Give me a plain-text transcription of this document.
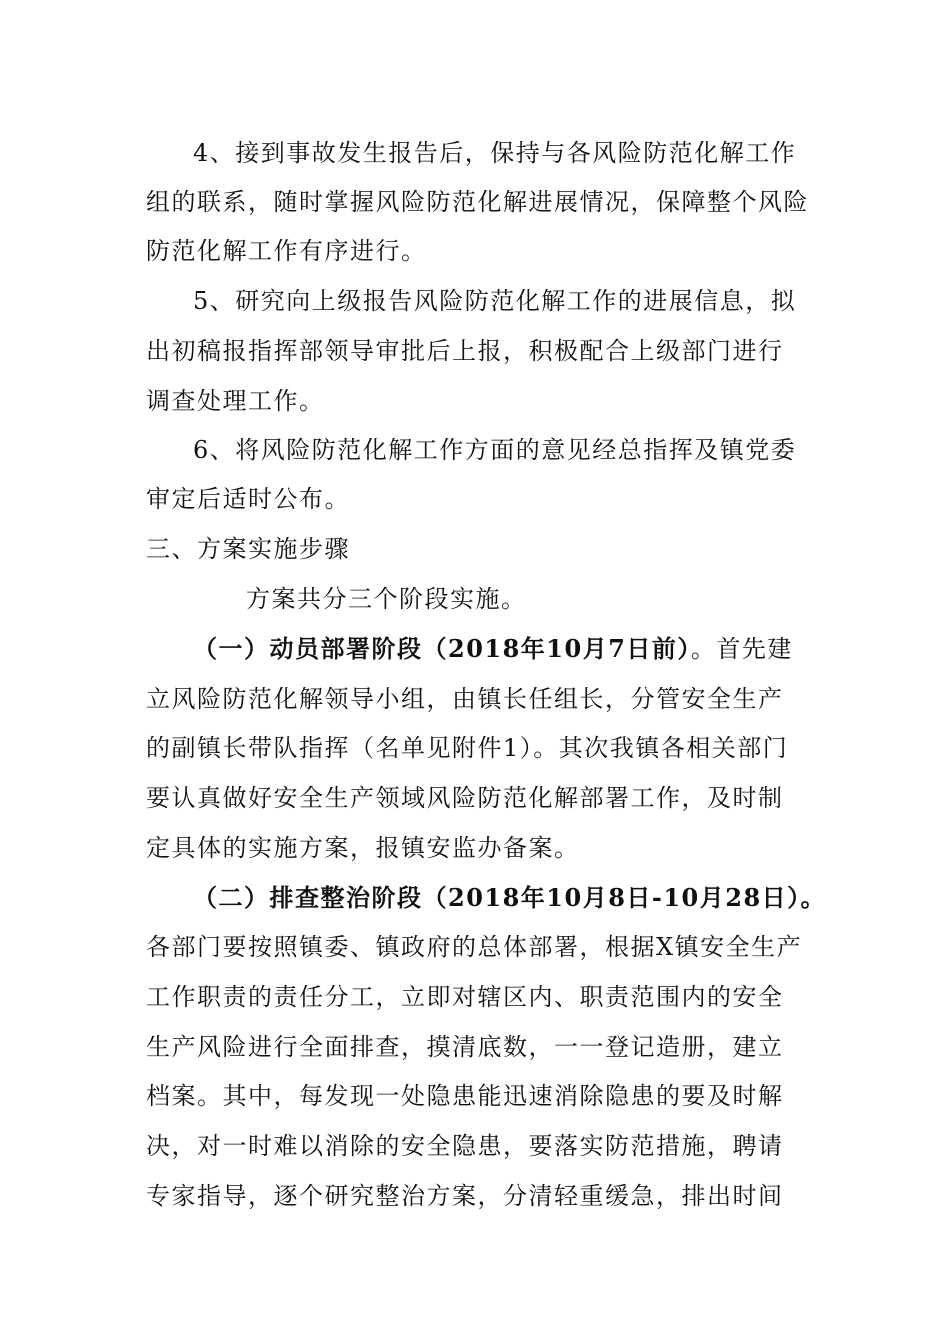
4、接到事故发生报告后，保持与各风险防范化解工作
组的联系，随时掌握风险防范化解进展情况，保障整个风险
防范化解工作有序进行。
5、研究向上级报告风险防范化解工作的进展信息，拟
出初稿报指挥部领导审批后上报，积极配合上级部门进行
调查处理工作。
6、将风险防范化解工作方面的意见经总指挥及镇党委
审定后适时公布。
三、方案实施步骤
方案共分三个阶段实施。
（一）动员部署阶段（2018年10月7日前）。首先建
立风险防范化解领导小组，由镇长任组长，分管安全生产
的副镇长带队指挥（名单见附件1）。其次我镇各相关部门
要认真做好安全生产领域风险防范化解部署工作，及时制
定具体的实施方案，报镇安监办备案。
（二）排查整治阶段（2018年10月8日-10月28日）。
各部门要按照镇委、镇政府的总体部署，根据X镇安全生产
工作职责的责任分工，立即对辖区内、职责范围内的安全
生产风险进行全面排查，摸清底数，一一登记造册，建立
档案。其中，每发现一处隐患能迅速消除隐患的要及时解
决，对一时难以消除的安全隐患，要落实防范措施，聘请
专家指导，逐个研究整治方案，分清轻重缓急，排出时间
